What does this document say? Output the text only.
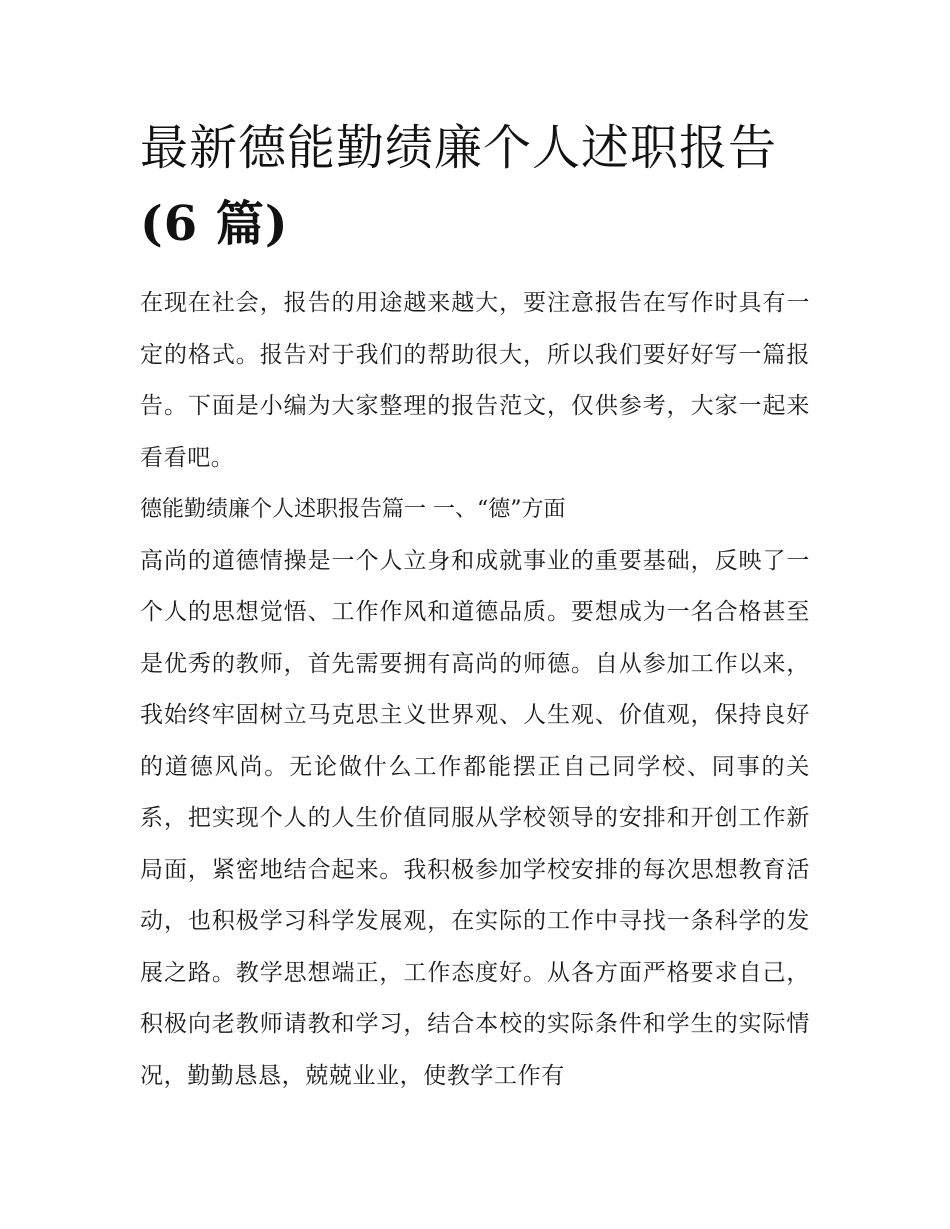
最新德能勤绩廉个人述职报告
(6 篇)

在现在社会，报告的用途越来越大，要注意报告在写作时具有一定的格式。报告对于我们的帮助很大，所以我们要好好写一篇报告。下面是小编为大家整理的报告范文，仅供参考，大家一起来看看吧。

德能勤绩廉个人述职报告篇一 一、“德”方面

高尚的道德情操是一个人立身和成就事业的重要基础，反映了一个人的思想觉悟、工作作风和道德品质。要想成为一名合格甚至是优秀的教师，首先需要拥有高尚的师德。自从参加工作以来，我始终牢固树立马克思主义世界观、人生观、价值观，保持良好的道德风尚。无论做什么工作都能摆正自己同学校、同事的关系，把实现个人的人生价值同服从学校领导的安排和开创工作新局面，紧密地结合起来。我积极参加学校安排的每次思想教育活动，也积极学习科学发展观，在实际的工作中寻找一条科学的发展之路。教学思想端正，工作态度好。从各方面严格要求自己，积极向老教师请教和学习，结合本校的实际条件和学生的实际情况，勤勤恳恳，兢兢业业，使教学工作有
